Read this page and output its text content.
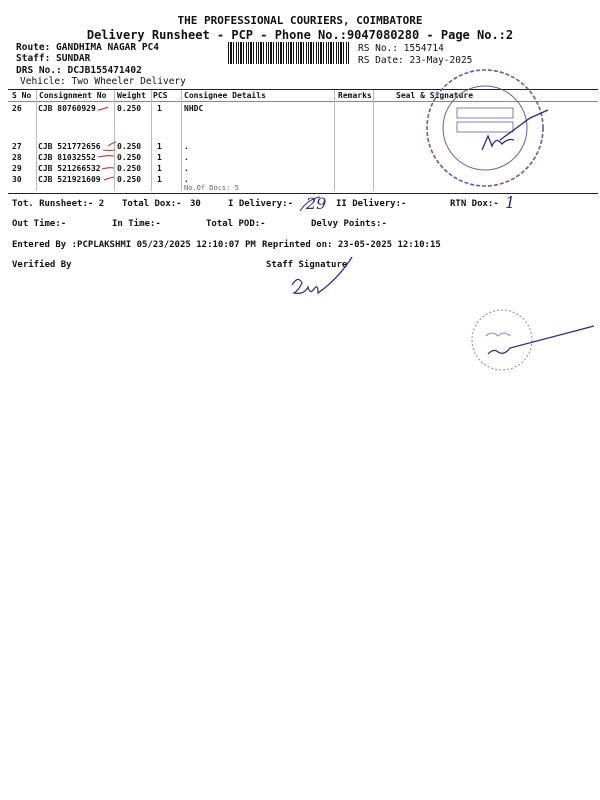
THE PROFESSIONAL COURIERS, COIMBATORE
Delivery Runsheet - PCP - Phone No.:9047080280 - Page No.:2
Route: GANDHIMA NAGAR PC4
Staff: SUNDAR
DRS No.: DCJB155471402
Vehicle: Two Wheeler Delivery
RS No.: 1554714
RS Date: 23-May-2025
S No Consignment No Weight PCS Consignee Details	Remarks	Seal & Signature
26 CJB 80760929	0.250 1	NHDC
27 CJB 521772656 0.250 1	.
28 CJB 81032552	0.250 1	.
29 CJB 521266532 0.250 1	.
30 CJB 521921609 0.250 1	.
No.Of Docs: 5
Tot. Runsheet:- 2 Total Dox:- 30	I Delivery:-	II Delivery:-	RTN Dox:-
Out Time:-	In Time:-	Total POD:-	Delvy Points:-
Entered By :PCPLAKSHMI 05/23/2025 12:10:07 PM Reprinted on: 23-05-2025 12:10:15
Verified By	Staff Signature
29	1
